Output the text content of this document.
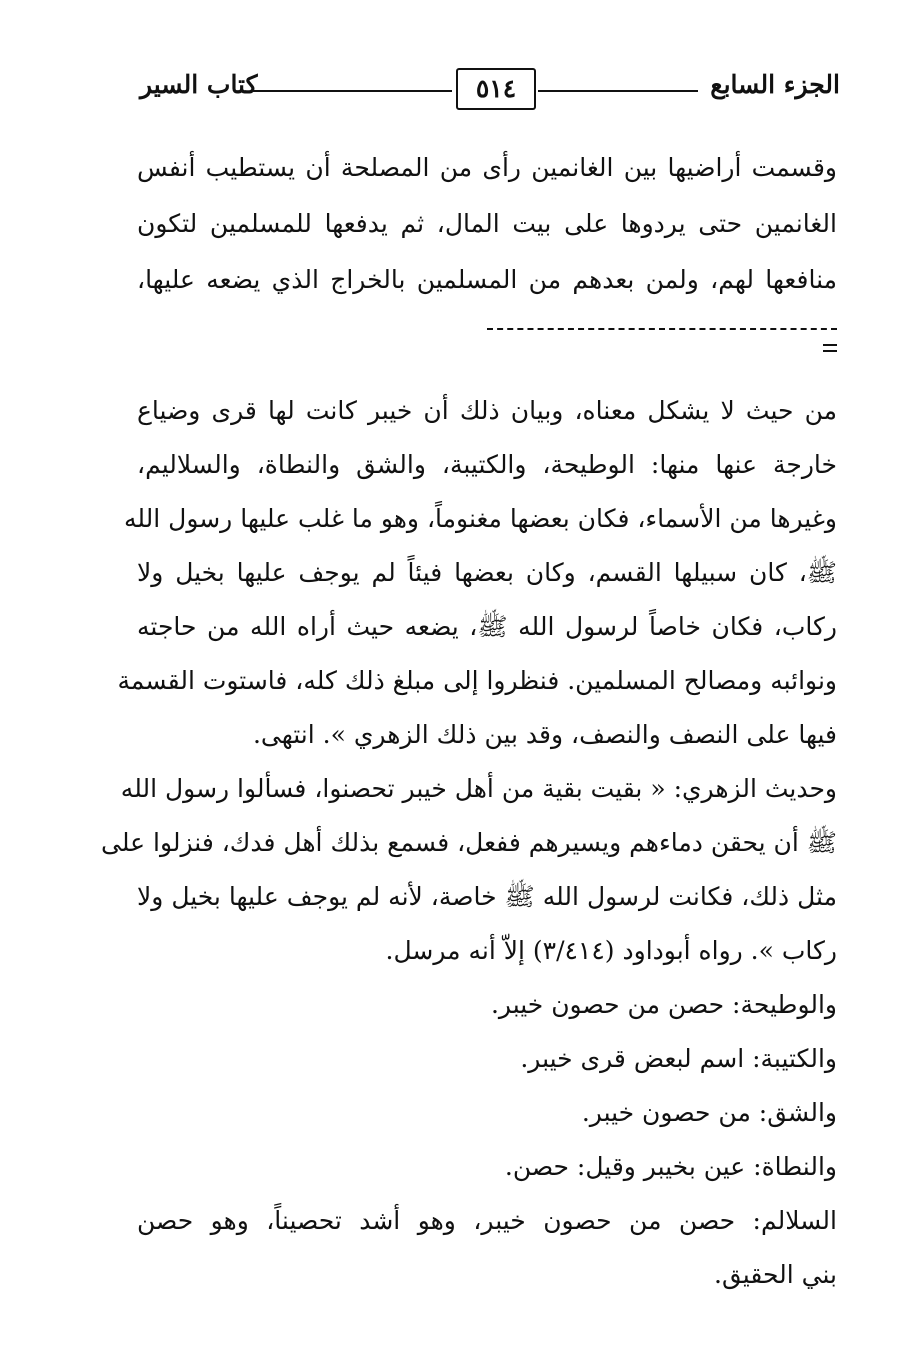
الجزء السابع
٥١٤
كتاب السير

وقسمت أراضيها بين الغانمين رأى من المصلحة أن يستطيب أنفس

الغانمين حتى يردوها على بيت المال، ثم يدفعها للمسلمين لتكون

منافعها لهم، ولمن بعدهم من المسلمين بالخراج الذي يضعه عليها،

من حيث لا يشكل معناه، وبيان ذلك أن خيبر كانت لها قرى وضياع

خارجة عنها منها: الوطيحة، والكتيبة، والشق والنطاة، والسلاليم،

وغيرها من الأسماء، فكان بعضها مغنوماً، وهو ما غلب عليها رسول الله

ﷺ، كان سبيلها القسم، وكان بعضها فيئاً لم يوجف عليها بخيل ولا

ركاب، فكان خاصاً لرسول الله ﷺ، يضعه حيث أراه الله من حاجته

ونوائبه ومصالح المسلمين. فنظروا إلى مبلغ ذلك كله، فاستوت القسمة

فيها على النصف والنصف، وقد بين ذلك الزهري ». انتهى.

وحديث الزهري: « بقيت بقية من أهل خيبر تحصنوا، فسألوا رسول الله

ﷺ أن يحقن دماءهم ويسيرهم ففعل، فسمع بذلك أهل فدك، فنزلوا على

مثل ذلك، فكانت لرسول الله ﷺ خاصة، لأنه لم يوجف عليها بخيل ولا

ركاب ». رواه أبوداود (٣/٤١٤) إلاّ أنه مرسل.

والوطيحة: حصن من حصون خيبر.

والكتيبة: اسم لبعض قرى خيبر.

والشق: من حصون خيبر.

والنطاة: عين بخيبر وقيل: حصن.

السلالم: حصن من حصون خيبر، وهو أشد تحصيناً، وهو حصن

بني الحقيق.
